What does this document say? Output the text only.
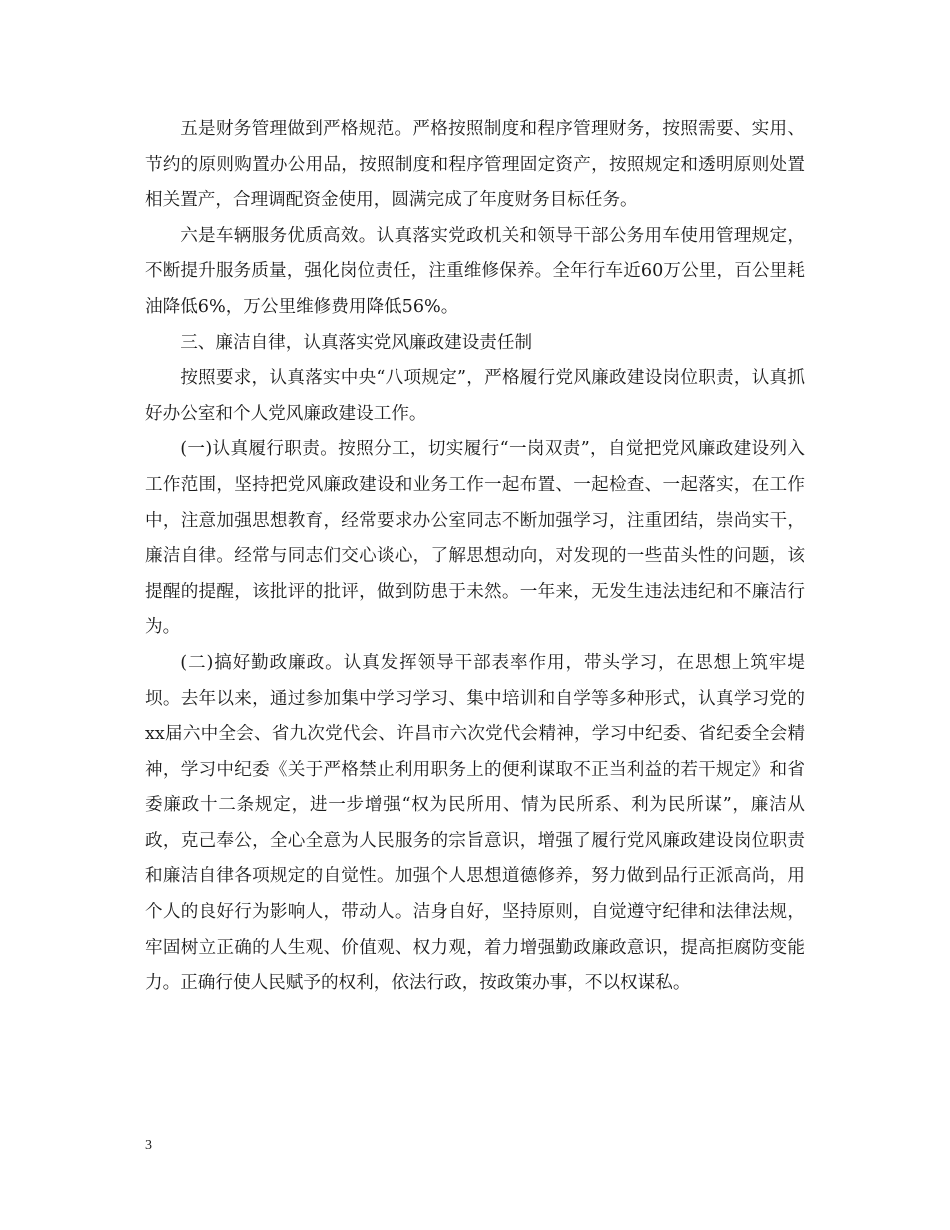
五是财务管理做到严格规范。严格按照制度和程序管理财务，按照需要、实用、节约的原则购置办公用品，按照制度和程序管理固定资产，按照规定和透明原则处置相关置产，合理调配资金使用，圆满完成了年度财务目标任务。

六是车辆服务优质高效。认真落实党政机关和领导干部公务用车使用管理规定，不断提升服务质量，强化岗位责任，注重维修保养。全年行车近60万公里，百公里耗油降低6%，万公里维修费用降低56%。

三、廉洁自律，认真落实党风廉政建设责任制

按照要求，认真落实中央“八项规定”，严格履行党风廉政建设岗位职责，认真抓好办公室和个人党风廉政建设工作。

(一)认真履行职责。按照分工，切实履行“一岗双责”，自觉把党风廉政建设列入工作范围，坚持把党风廉政建设和业务工作一起布置、一起检查、一起落实，在工作中，注意加强思想教育，经常要求办公室同志不断加强学习，注重团结，崇尚实干，廉洁自律。经常与同志们交心谈心，了解思想动向，对发现的一些苗头性的问题，该提醒的提醒，该批评的批评，做到防患于未然。一年来，无发生违法违纪和不廉洁行为。

(二)搞好勤政廉政。认真发挥领导干部表率作用，带头学习，在思想上筑牢堤坝。去年以来，通过参加集中学习学习、集中培训和自学等多种形式，认真学习党的xx届六中全会、省九次党代会、许昌市六次党代会精神，学习中纪委、省纪委全会精神，学习中纪委《关于严格禁止利用职务上的便利谋取不正当利益的若干规定》和省委廉政十二条规定，进一步增强“权为民所用、情为民所系、利为民所谋”，廉洁从政，克己奉公，全心全意为人民服务的宗旨意识，增强了履行党风廉政建设岗位职责和廉洁自律各项规定的自觉性。加强个人思想道德修养，努力做到品行正派高尚，用个人的良好行为影响人，带动人。洁身自好，坚持原则，自觉遵守纪律和法律法规，牢固树立正确的人生观、价值观、权力观，着力增强勤政廉政意识，提高拒腐防变能力。正确行使人民赋予的权利，依法行政，按政策办事，不以权谋私。

3
